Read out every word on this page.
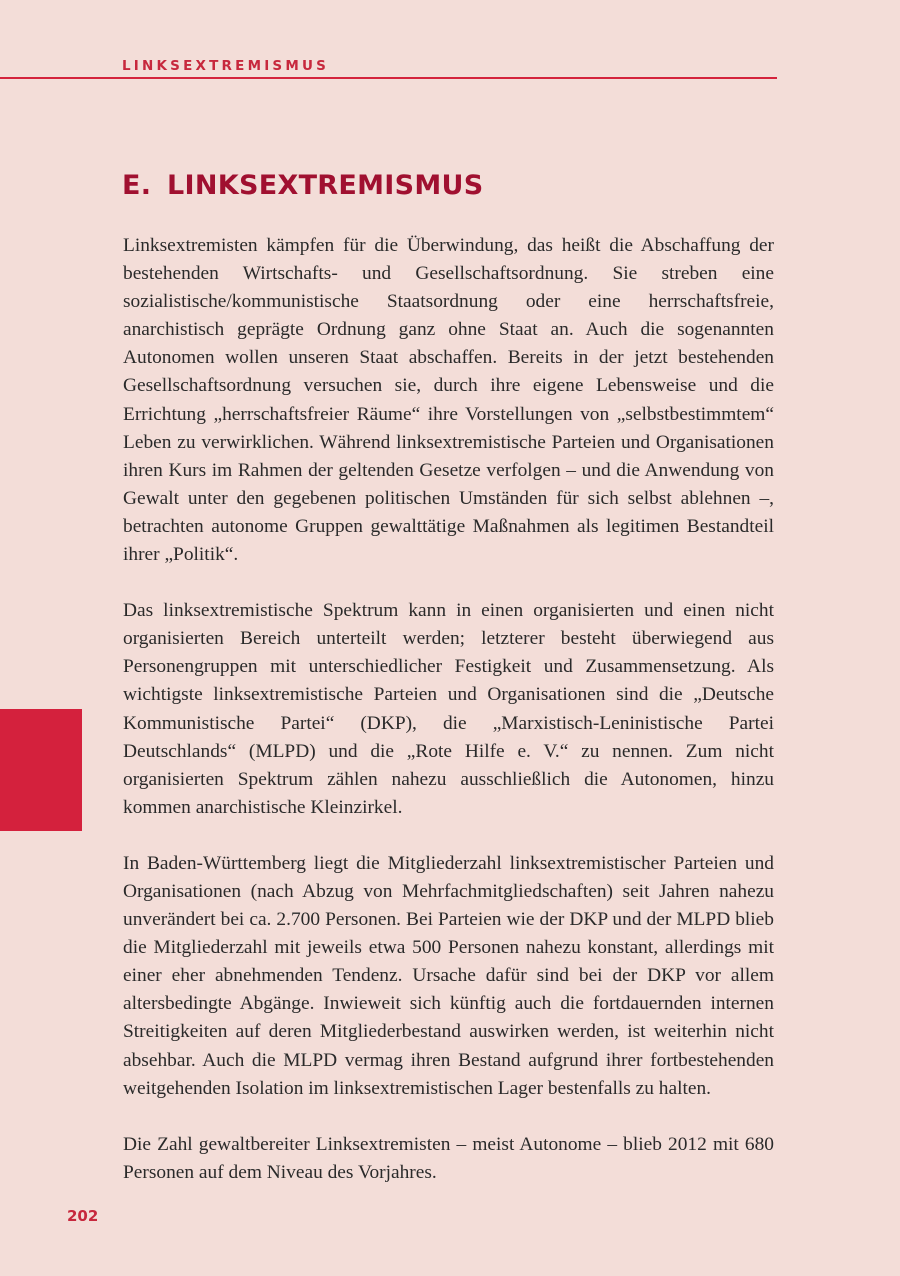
LINKSEXTREMISMUS
E. LINKSEXTREMISMUS

Linksextremisten kämpfen für die Überwindung, das heißt die Abschaffung der bestehenden Wirtschafts- und Gesellschaftsordnung. Sie streben eine sozialistische/kommunistische Staatsordnung oder eine herrschaftsfreie, anarchistisch geprägte Ordnung ganz ohne Staat an. Auch die sogenannten Autonomen wollen unseren Staat abschaffen. Bereits in der jetzt bestehenden Gesellschaftsordnung versuchen sie, durch ihre eigene Lebensweise und die Errichtung „herrschaftsfreier Räume“ ihre Vorstellungen von „selbstbestimmtem“ Leben zu verwirklichen. Während linksextremistische Parteien und Organisationen ihren Kurs im Rahmen der geltenden Gesetze verfolgen – und die Anwendung von Gewalt unter den gegebenen politischen Umständen für sich selbst ablehnen –, betrachten autonome Gruppen gewalttätige Maßnahmen als legitimen Bestandteil ihrer „Politik“.

Das linksextremistische Spektrum kann in einen organisierten und einen nicht organisierten Bereich unterteilt werden; letzterer besteht überwiegend aus Personengruppen mit unterschiedlicher Festigkeit und Zusammensetzung. Als wichtigste linksextremistische Parteien und Organisationen sind die „Deutsche Kommunistische Partei“ (DKP), die „Marxistisch-Leninistische Partei Deutschlands“ (MLPD) und die „Rote Hilfe e. V.“ zu nennen. Zum nicht organisierten Spektrum zählen nahezu ausschließlich die Autonomen, hinzu kommen anarchistische Kleinzirkel.

In Baden-Württemberg liegt die Mitgliederzahl linksextremistischer Parteien und Organisationen (nach Abzug von Mehrfachmitgliedschaften) seit Jahren nahezu unverändert bei ca. 2.700 Personen. Bei Parteien wie der DKP und der MLPD blieb die Mitgliederzahl mit jeweils etwa 500 Personen nahezu konstant, allerdings mit einer eher abnehmenden Tendenz. Ursache dafür sind bei der DKP vor allem altersbedingte Abgänge. Inwieweit sich künftig auch die fortdauernden internen Streitigkeiten auf deren Mitgliederbestand auswirken werden, ist weiterhin nicht absehbar. Auch die MLPD vermag ihren Bestand aufgrund ihrer fortbestehenden weitgehenden Isolation im linksextremistischen Lager bestenfalls zu halten.

Die Zahl gewaltbereiter Linksextremisten – meist Autonome – blieb 2012 mit 680 Personen auf dem Niveau des Vorjahres.

202
